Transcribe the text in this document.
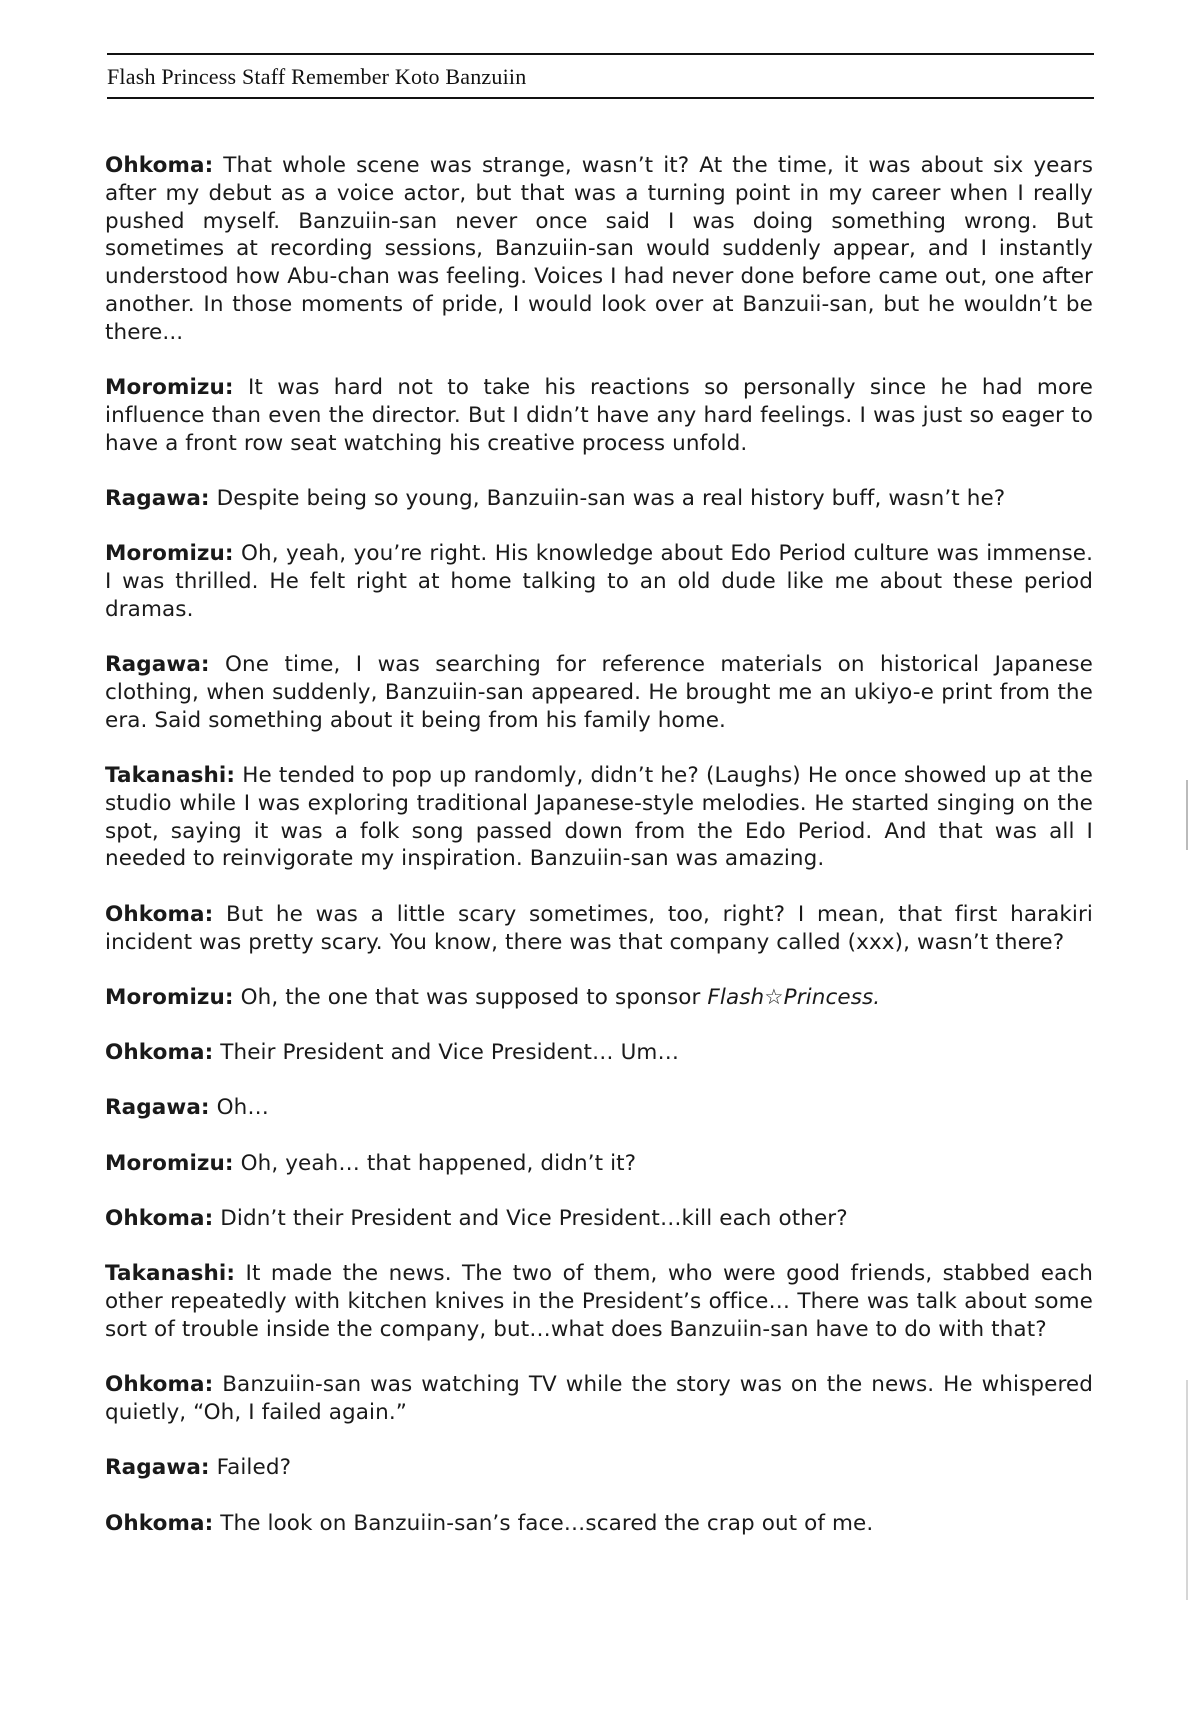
Flash Princess Staff Remember Koto Banzuiin

Ohkoma: That whole scene was strange, wasn’t it? At the time, it was about six years after my debut as a voice actor, but that was a turning point in my career when I really pushed myself. Banzuiin-san never once said I was doing something wrong. But sometimes at recording sessions, Banzuiin-san would suddenly appear, and I instantly understood how Abu-chan was feeling. Voices I had never done before came out, one after another. In those moments of pride, I would look over at Banzuii-san, but he wouldn’t be there...

Moromizu: It was hard not to take his reactions so personally since he had more influence than even the director. But I didn’t have any hard feelings. I was just so eager to have a front row seat watching his creative process unfold.

Ragawa: Despite being so young, Banzuiin-san was a real history buff, wasn’t he?

Moromizu: Oh, yeah, you’re right. His knowledge about Edo Period culture was immense. I was thrilled. He felt right at home talking to an old dude like me about these period dramas.

Ragawa: One time, I was searching for reference materials on historical Japanese clothing, when suddenly, Banzuiin-san appeared. He brought me an ukiyo-e print from the era. Said something about it being from his family home.

Takanashi: He tended to pop up randomly, didn’t he? (Laughs) He once showed up at the studio while I was exploring traditional Japanese-style melodies. He started singing on the spot, saying it was a folk song passed down from the Edo Period. And that was all I needed to reinvigorate my inspiration. Banzuiin-san was amazing.

Ohkoma: But he was a little scary sometimes, too, right? I mean, that first harakiri incident was pretty scary. You know, there was that company called (xxx), wasn’t there?

Moromizu: Oh, the one that was supposed to sponsor Flash☆Princess.

Ohkoma: Their President and Vice President… Um…

Ragawa: Oh…

Moromizu: Oh, yeah… that happened, didn’t it?

Ohkoma: Didn’t their President and Vice President…kill each other?

Takanashi: It made the news. The two of them, who were good friends, stabbed each other repeatedly with kitchen knives in the President’s office… There was talk about some sort of trouble inside the company, but…what does Banzuiin-san have to do with that?

Ohkoma: Banzuiin-san was watching TV while the story was on the news. He whispered quietly, “Oh, I failed again.”

Ragawa: Failed?

Ohkoma: The look on Banzuiin-san’s face…scared the crap out of me.
